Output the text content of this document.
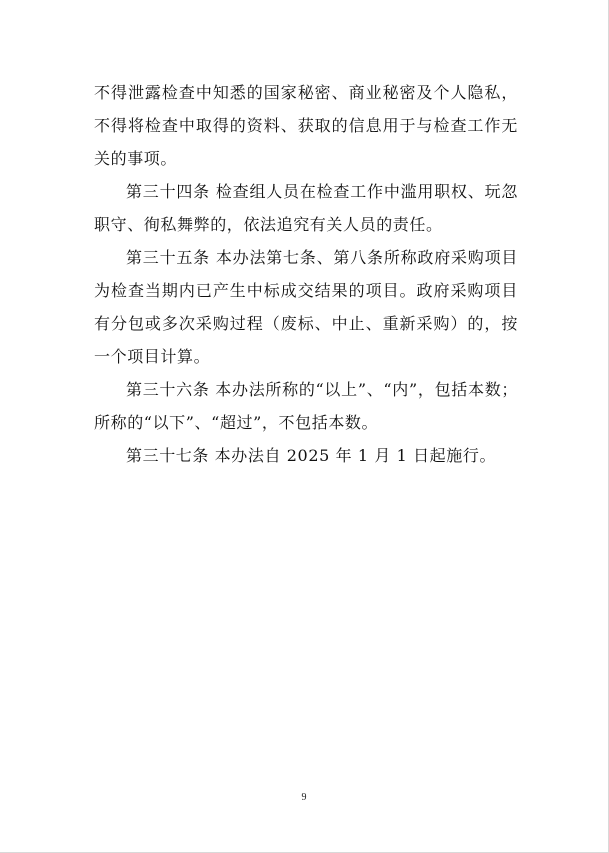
不得泄露检查中知悉的国家秘密、商业秘密及个人隐私，不得将检查中取得的资料、获取的信息用于与检查工作无关的事项。

第三十四条 检查组人员在检查工作中滥用职权、玩忽职守、徇私舞弊的，依法追究有关人员的责任。

第三十五条 本办法第七条、第八条所称政府采购项目为检查当期内已产生中标成交结果的项目。政府采购项目有分包或多次采购过程（废标、中止、重新采购）的，按一个项目计算。

第三十六条 本办法所称的“以上”、“内”，包括本数；所称的“以下”、“超过”，不包括本数。

第三十七条 本办法自 2025 年 1 月 1 日起施行。

9
